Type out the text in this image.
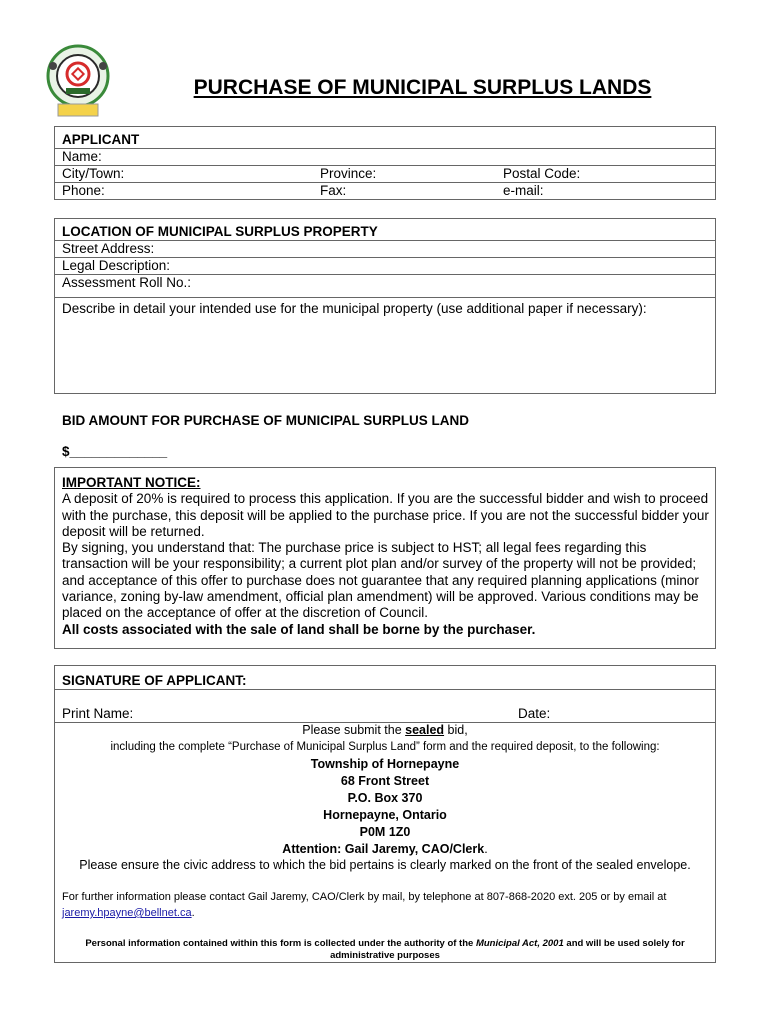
PURCHASE OF MUNICIPAL SURPLUS LANDS
APPLICANT
Name:
City/Town:	Province:	Postal Code:
Phone:	Fax:	e-mail:
LOCATION OF MUNICIPAL SURPLUS PROPERTY
Street Address:
Legal Description:
Assessment Roll No.:
Describe in detail your intended use for the municipal property (use additional paper if necessary):
BID AMOUNT FOR PURCHASE OF MUNICIPAL SURPLUS LAND
$_____________

IMPORTANT NOTICE:

A deposit of 20% is required to process this application. If you are the successful bidder and wish to proceed with the purchase, this deposit will be applied to the purchase price. If you are not the successful bidder your deposit will be returned.

By signing, you understand that: The purchase price is subject to HST; all legal fees regarding this transaction will be your responsibility; a current plot plan and/or survey of the property will not be provided; and acceptance of this offer to purchase does not guarantee that any required planning applications (minor variance, zoning by-law amendment, official plan amendment) will be approved. Various conditions may be placed on the acceptance of offer at the discretion of Council.

All costs associated with the sale of land shall be borne by the purchaser.

SIGNATURE OF APPLICANT:
Print Name:	Date:
Please submit the sealed bid,
including the complete “Purchase of Municipal Surplus Land” form and the required deposit, to the following:
Township of Hornepayne
68 Front Street
P.O. Box 370
Hornepayne, Ontario
P0M 1Z0
Attention: Gail Jaremy, CAO/Clerk.
Please ensure the civic address to which the bid pertains is clearly marked on the front of the sealed envelope.
For further information please contact Gail Jaremy, CAO/Clerk by mail, by telephone at 807-868-2020 ext. 205 or by email at
jaremy.hpayne@bellnet.ca.
Personal information contained within this form is collected under the authority of the Municipal Act, 2001 and will be used solely for administrative purposes
